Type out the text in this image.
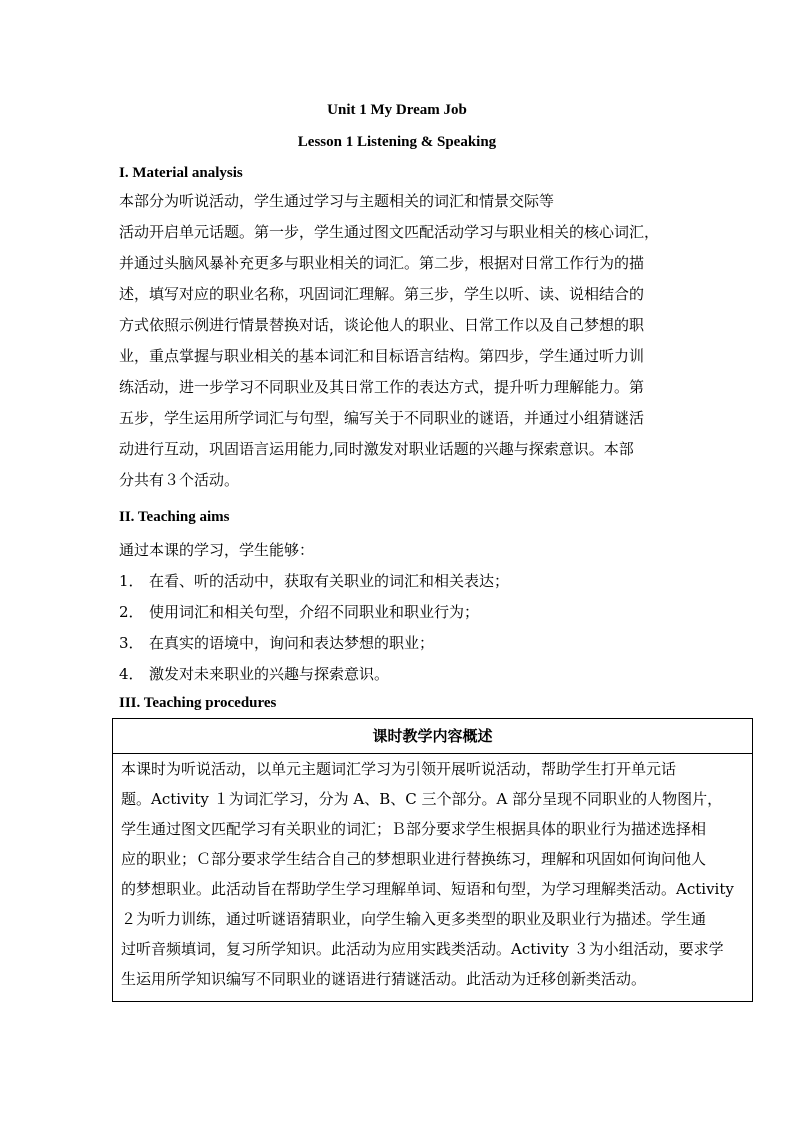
Unit 1 My Dream Job
Lesson 1 Listening & Speaking
I. Material analysis
本部分为听说活动，学生通过学习与主题相关的词汇和情景交际等
活动开启单元话题。第一步，学生通过图文匹配活动学习与职业相关的核心词汇，
并通过头脑风暴补充更多与职业相关的词汇。第二步，根据对日常工作行为的描
述，填写对应的职业名称，巩固词汇理解。第三步，学生以听、读、说相结合的
方式依照示例进行情景替换对话，谈论他人的职业、日常工作以及自己梦想的职
业，重点掌握与职业相关的基本词汇和目标语言结构。第四步，学生通过听力训
练活动，进一步学习不同职业及其日常工作的表达方式，提升听力理解能力。第
五步，学生运用所学词汇与句型，编写关于不同职业的谜语，并通过小组猜谜活
动进行互动，巩固语言运用能力,同时激发对职业话题的兴趣与探索意识。本部
分共有３个活动。
II. Teaching aims
通过本课的学习，学生能够：
1． 在看、听的活动中，获取有关职业的词汇和相关表达；
2． 使用词汇和相关句型，介绍不同职业和职业行为；
3． 在真实的语境中，询问和表达梦想的职业；
4． 激发对未来职业的兴趣与探索意识。
III. Teaching procedures
课时教学内容概述
本课时为听说活动，以单元主题词汇学习为引领开展听说活动，帮助学生打开单元话
题。Activity １为词汇学习，分为 A、B、C 三个部分。A 部分呈现不同职业的人物图片，
学生通过图文匹配学习有关职业的词汇；Ｂ部分要求学生根据具体的职业行为描述选择相
应的职业；Ｃ部分要求学生结合自己的梦想职业进行替换练习，理解和巩固如何询问他人
的梦想职业。此活动旨在帮助学生学习理解单词、短语和句型，为学习理解类活动。Activity
２为听力训练，通过听谜语猜职业，向学生输入更多类型的职业及职业行为描述。学生通
过听音频填词，复习所学知识。此活动为应用实践类活动。Activity ３为小组活动，要求学
生运用所学知识编写不同职业的谜语进行猜谜活动。此活动为迁移创新类活动。
